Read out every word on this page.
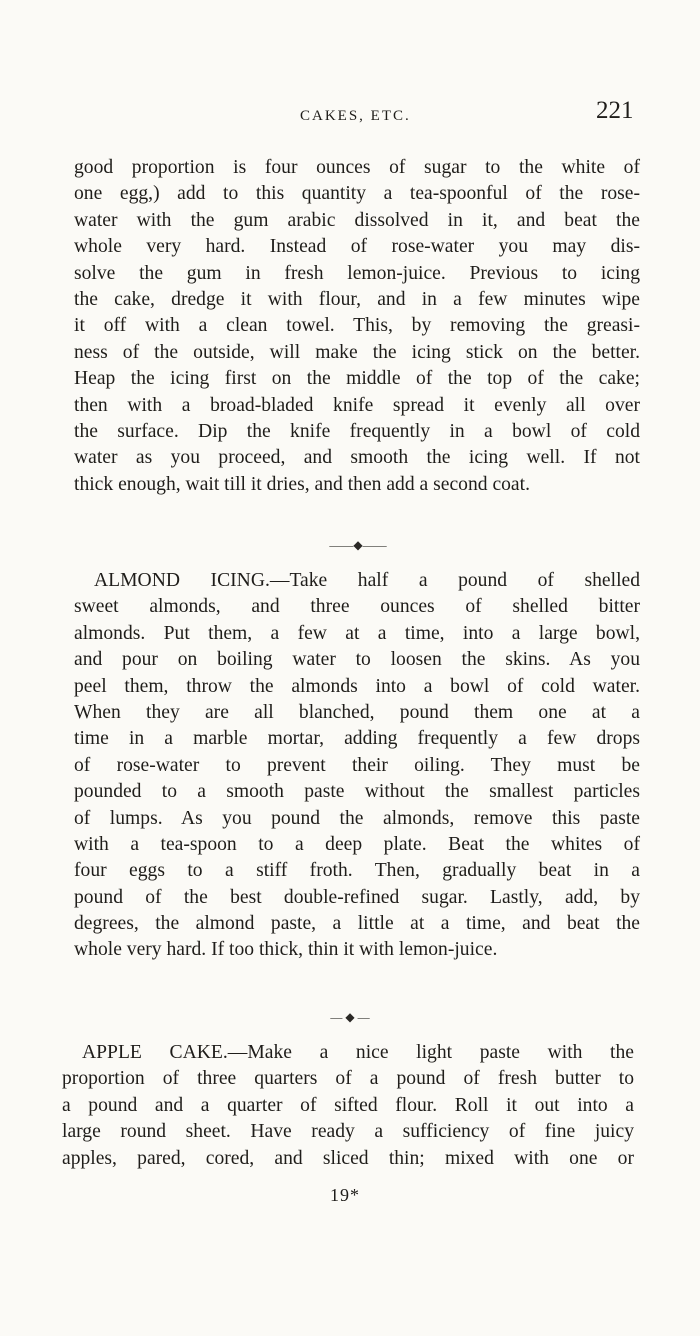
CAKES, ETC.	221
good proportion is four ounces of sugar to the white of
one egg,) add to this quantity a tea-spoonful of the rose-
water with the gum arabic dissolved in it, and beat the
whole very hard. Instead of rose-water you may dis-
solve the gum in fresh lemon-juice. Previous to icing
the cake, dredge it with flour, and in a few minutes wipe
it off with a clean towel. This, by removing the greasi-
ness of the outside, will make the icing stick on the better.
Heap the icing first on the middle of the top of the cake;
then with a broad-bladed knife spread it evenly all over
the surface. Dip the knife frequently in a bowl of cold
water as you proceed, and smooth the icing well. If not
thick enough, wait till it dries, and then add a second coat.
——◆——
ALMOND ICING.—Take half a pound of shelled
sweet almonds, and three ounces of shelled bitter
almonds. Put them, a few at a time, into a large bowl,
and pour on boiling water to loosen the skins. As you
peel them, throw the almonds into a bowl of cold water.
When they are all blanched, pound them one at a
time in a marble mortar, adding frequently a few drops
of rose-water to prevent their oiling. They must be
pounded to a smooth paste without the smallest particles
of lumps. As you pound the almonds, remove this paste
with a tea-spoon to a deep plate. Beat the whites of
four eggs to a stiff froth. Then, gradually beat in a
pound of the best double-refined sugar. Lastly, add, by
degrees, the almond paste, a little at a time, and beat the
whole very hard. If too thick, thin it with lemon-juice.
— ◆ —
APPLE CAKE.—Make a nice light paste with the
proportion of three quarters of a pound of fresh butter to
a pound and a quarter of sifted flour. Roll it out into a
large round sheet. Have ready a sufficiency of fine juicy
apples, pared, cored, and sliced thin; mixed with one or
19*
